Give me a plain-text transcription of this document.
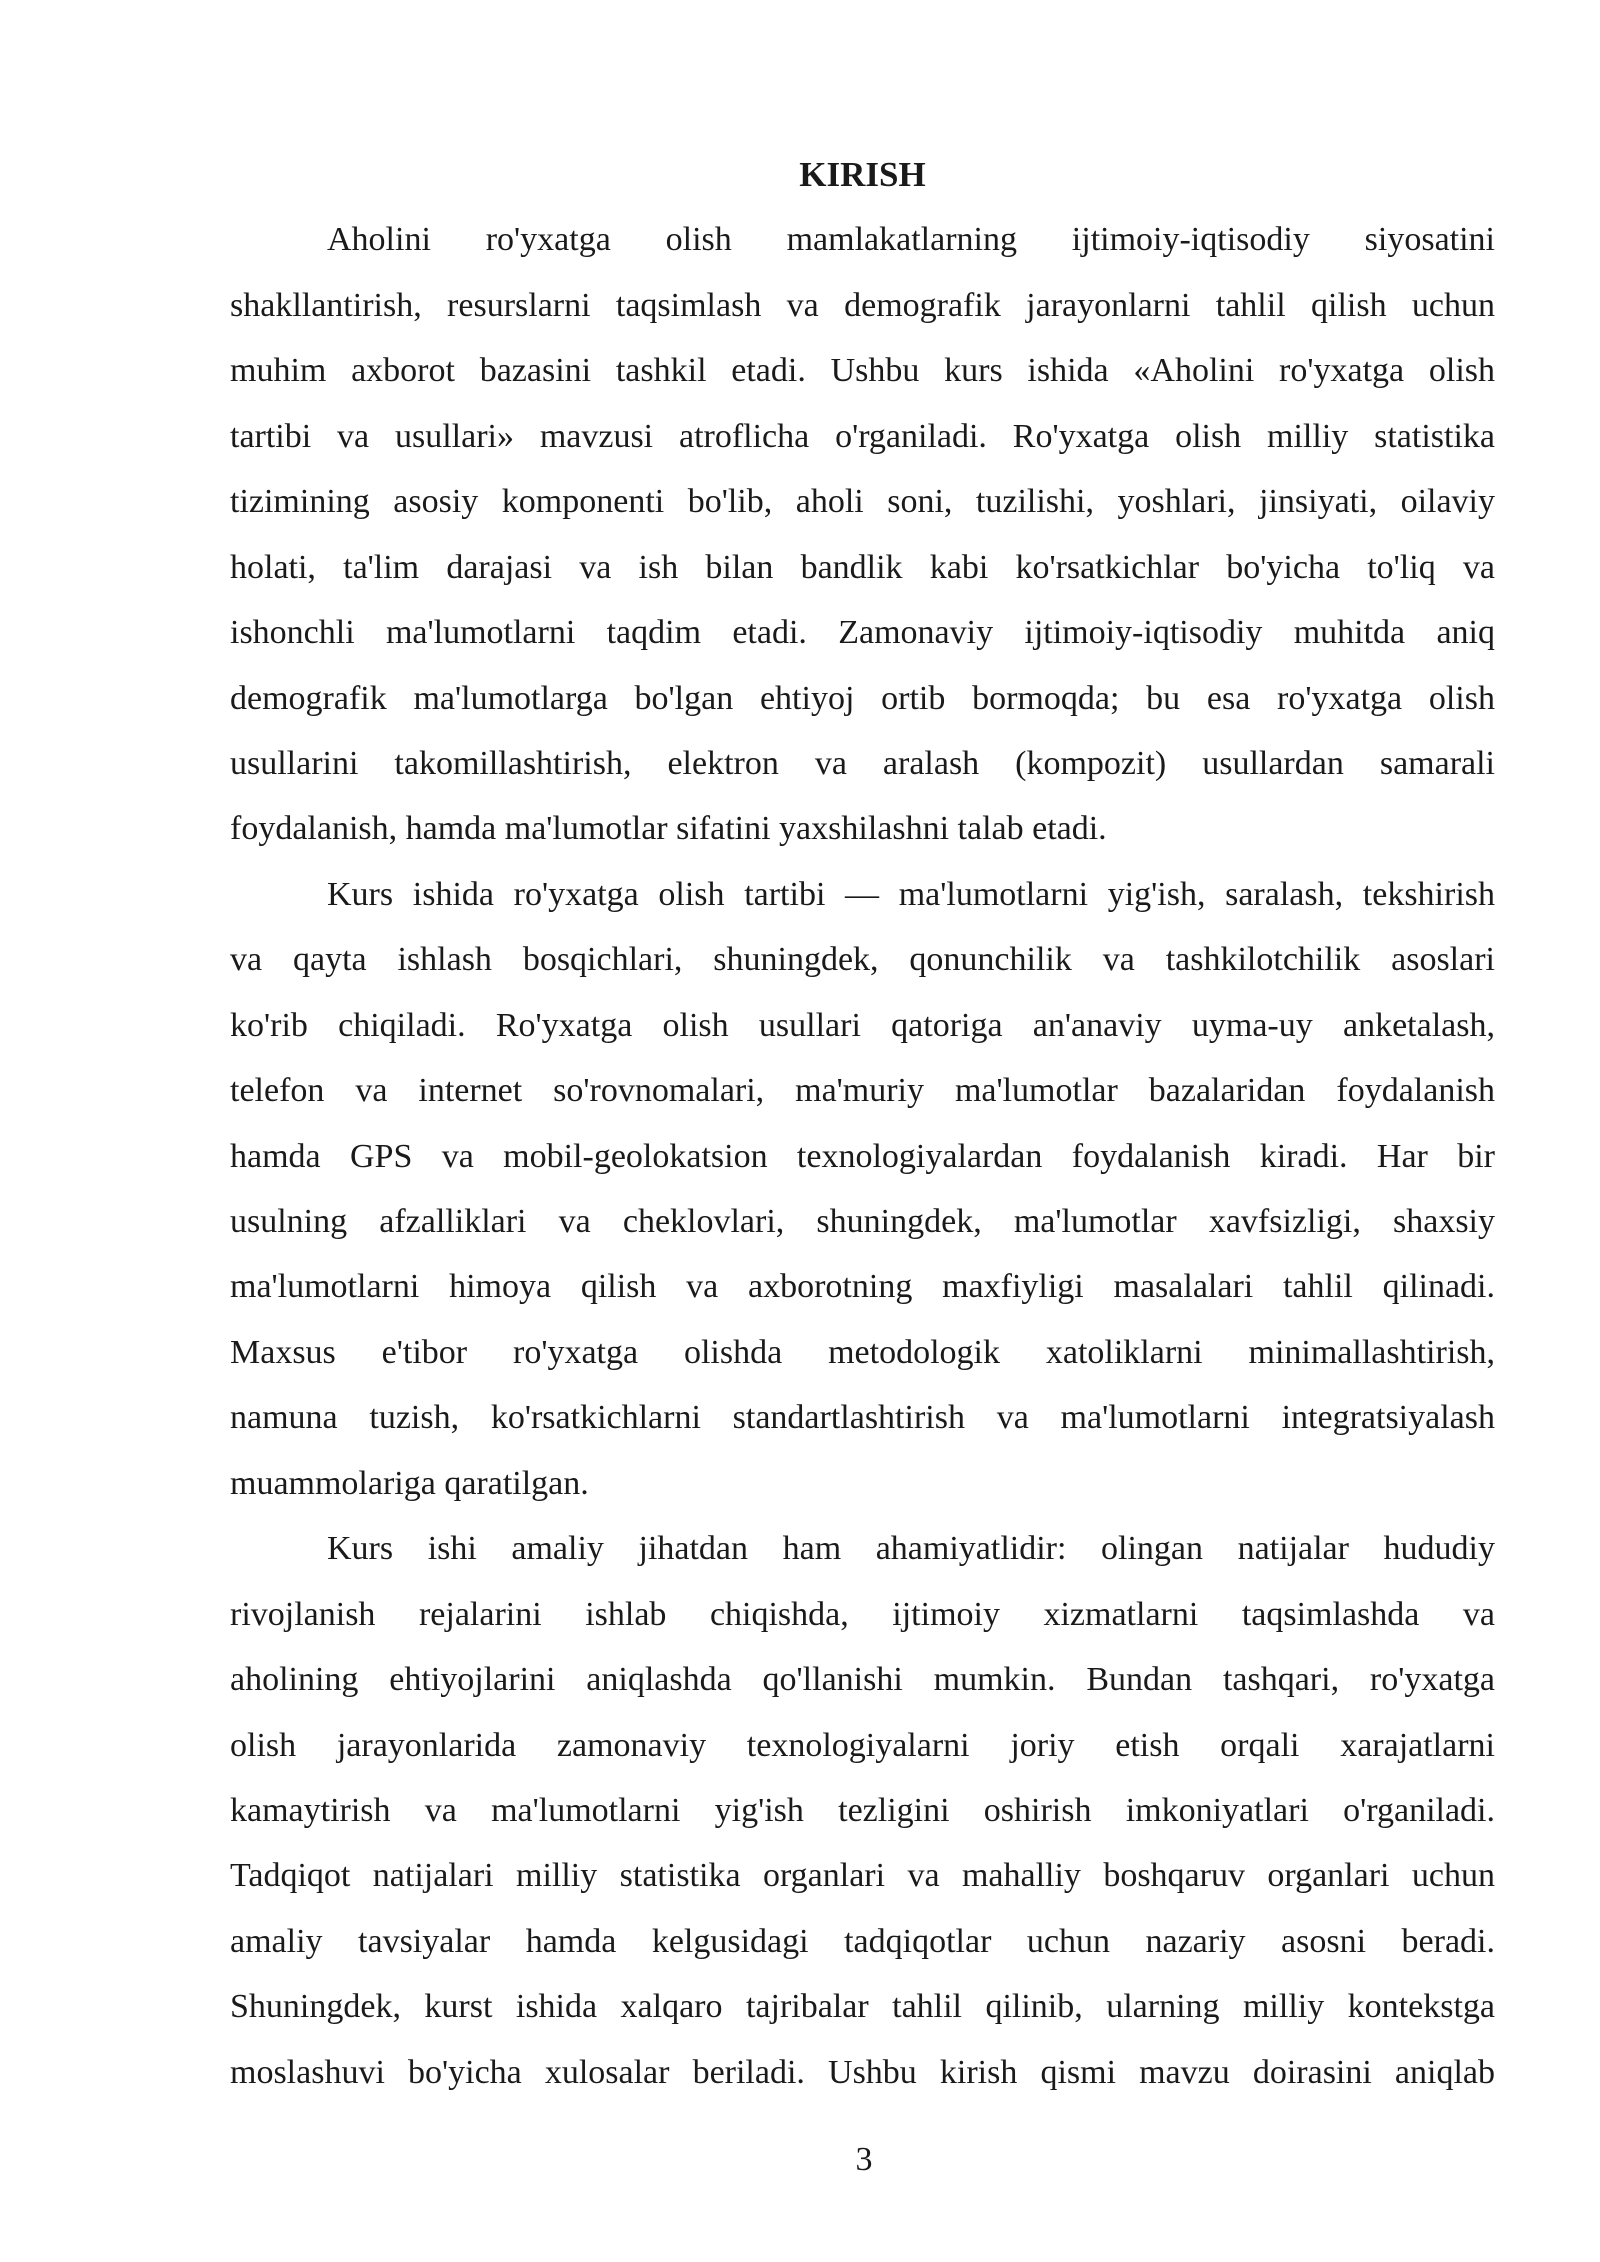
KIRISH
Aholini ro'yxatga olish mamlakatlarning ijtimoiy-iqtisodiy siyosatini
shakllantirish, resurslarni taqsimlash va demografik jarayonlarni tahlil qilish uchun
muhim axborot bazasini tashkil etadi. Ushbu kurs ishida «Aholini ro'yxatga olish
tartibi va usullari» mavzusi atroflicha o'rganiladi. Ro'yxatga olish milliy statistika
tizimining asosiy komponenti bo'lib, aholi soni, tuzilishi, yoshlari, jinsiyati, oilaviy
holati, ta'lim darajasi va ish bilan bandlik kabi ko'rsatkichlar bo'yicha to'liq va
ishonchli ma'lumotlarni taqdim etadi. Zamonaviy ijtimoiy-iqtisodiy muhitda aniq
demografik ma'lumotlarga bo'lgan ehtiyoj ortib bormoqda; bu esa ro'yxatga olish
usullarini takomillashtirish, elektron va aralash (kompozit) usullardan samarali
foydalanish, hamda ma'lumotlar sifatini yaxshilashni talab etadi.
Kurs ishida ro'yxatga olish tartibi — ma'lumotlarni yig'ish, saralash, tekshirish
va qayta ishlash bosqichlari, shuningdek, qonunchilik va tashkilotchilik asoslari
ko'rib chiqiladi. Ro'yxatga olish usullari qatoriga an'anaviy uyma-uy anketalash,
telefon va internet so'rovnomalari, ma'muriy ma'lumotlar bazalaridan foydalanish
hamda GPS va mobil-geolokatsion texnologiyalardan foydalanish kiradi. Har bir
usulning afzalliklari va cheklovlari, shuningdek, ma'lumotlar xavfsizligi, shaxsiy
ma'lumotlarni himoya qilish va axborotning maxfiyligi masalalari tahlil qilinadi.
Maxsus e'tibor ro'yxatga olishda metodologik xatoliklarni minimallashtirish,
namuna tuzish, ko'rsatkichlarni standartlashtirish va ma'lumotlarni integratsiyalash
muammolariga qaratilgan.
Kurs ishi amaliy jihatdan ham ahamiyatlidir: olingan natijalar hududiy
rivojlanish rejalarini ishlab chiqishda, ijtimoiy xizmatlarni taqsimlashda va
aholining ehtiyojlarini aniqlashda qo'llanishi mumkin. Bundan tashqari, ro'yxatga
olish jarayonlarida zamonaviy texnologiyalarni joriy etish orqali xarajatlarni
kamaytirish va ma'lumotlarni yig'ish tezligini oshirish imkoniyatlari o'rganiladi.
Tadqiqot natijalari milliy statistika organlari va mahalliy boshqaruv organlari uchun
amaliy tavsiyalar hamda kelgusidagi tadqiqotlar uchun nazariy asosni beradi.
Shuningdek, kurst ishida xalqaro tajribalar tahlil qilinib, ularning milliy kontekstga
moslashuvi bo'yicha xulosalar beriladi. Ushbu kirish qismi mavzu doirasini aniqlab
3
